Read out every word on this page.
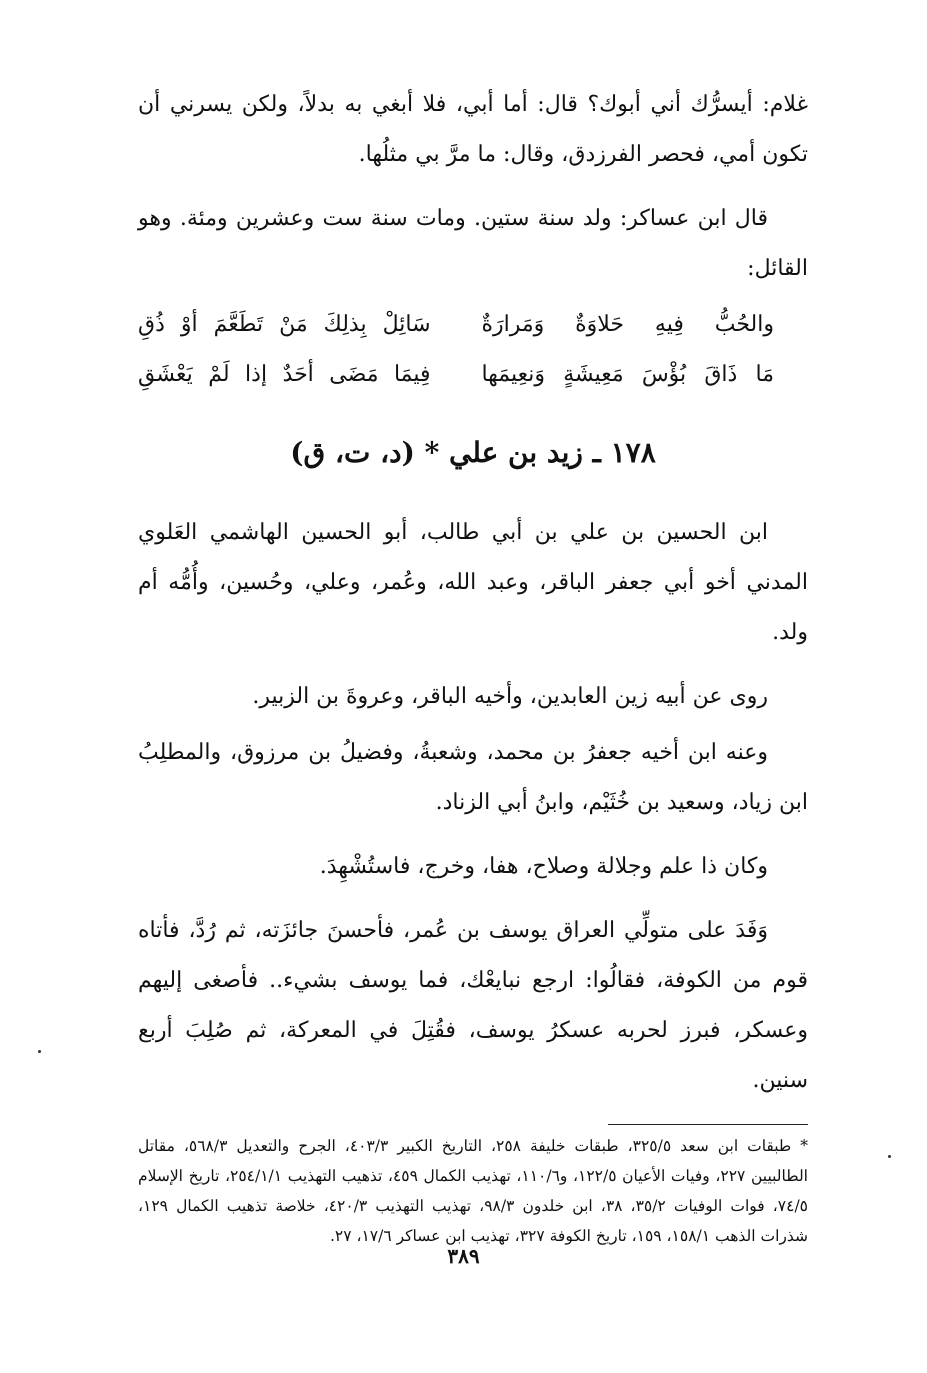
غلام: أيسرُّك أني أبوك؟ قال: أما أبي، فلا أبغي به بدلاً، ولكن يسرني أن تكون أمي، فحصر الفرزدق، وقال: ما مرَّ بي مثلُها.

قال ابن عساكر: ولد سنة ستين. ومات سنة ست وعشرين ومئة. وهو القائل:

والحُبُّ فِيهِ حَلاوَةٌ وَمَرارَةٌ
سَائِلْ بِذلِكَ مَنْ تَطَعَّمَ أوْ ذُقِ
مَا ذَاقَ بُؤْسَ مَعِيشَةٍ وَنعِيمَها
فِيمَا مَضَى أحَدٌ إذا لَمْ يَعْشَقِ
١٧٨ ـ زيد بن علي * (د، ت، ق)

ابن الحسين بن علي بن أبي طالب، أبو الحسين الهاشمي العَلوي المدني أخو أبي جعفر الباقر، وعبد الله، وعُمر، وعلي، وحُسين، وأُمُّه أم ولد.

روى عن أبيه زين العابدين، وأخيه الباقر، وعروةَ بن الزبير.

وعنه ابن أخيه جعفرُ بن محمد، وشعبةُ، وفضيلُ بن مرزوق، والمطلِبُ ابن زياد، وسعيد بن خُثَيْم، وابنُ أبي الزناد.

وكان ذا علم وجلالة وصلاح، هفا، وخرج، فاستُشْهِدَ.

وَفَدَ على متولِّي العراق يوسف بن عُمر، فأحسنَ جائزَته، ثم رُدَّ، فأتاه قوم من الكوفة، فقالُوا: ارجع نبايعْك، فما يوسف بشيء.. فأصغى إليهم وعسكر، فبرز لحربه عسكرُ يوسف، فقُتِلَ في المعركة، ثم صُلِبَ أربع سنين.

* طبقات ابن سعد ٣٢٥/٥، طبقات خليفة ٢٥٨، التاريخ الكبير ٤٠٣/٣، الجرح والتعديل ٥٦٨/٣، مقاتل الطالبيين ٢٢٧، وفيات الأعيان ١٢٢/٥، و١١٠/٦، تهذيب الكمال ٤٥٩، تذهيب التهذيب ٢٥٤/١/١، تاريخ الإسلام ٧٤/٥، فوات الوفيات ٣٥/٢، ٣٨، ابن خلدون ٩٨/٣، تهذيب التهذيب ٤٢٠/٣، خلاصة تذهيب الكمال ١٢٩، شذرات الذهب ١٥٨/١، ١٥٩، تاريخ الكوفة ٣٢٧، تهذيب ابن عساكر ١٧/٦، ٢٧.

٣٨٩
